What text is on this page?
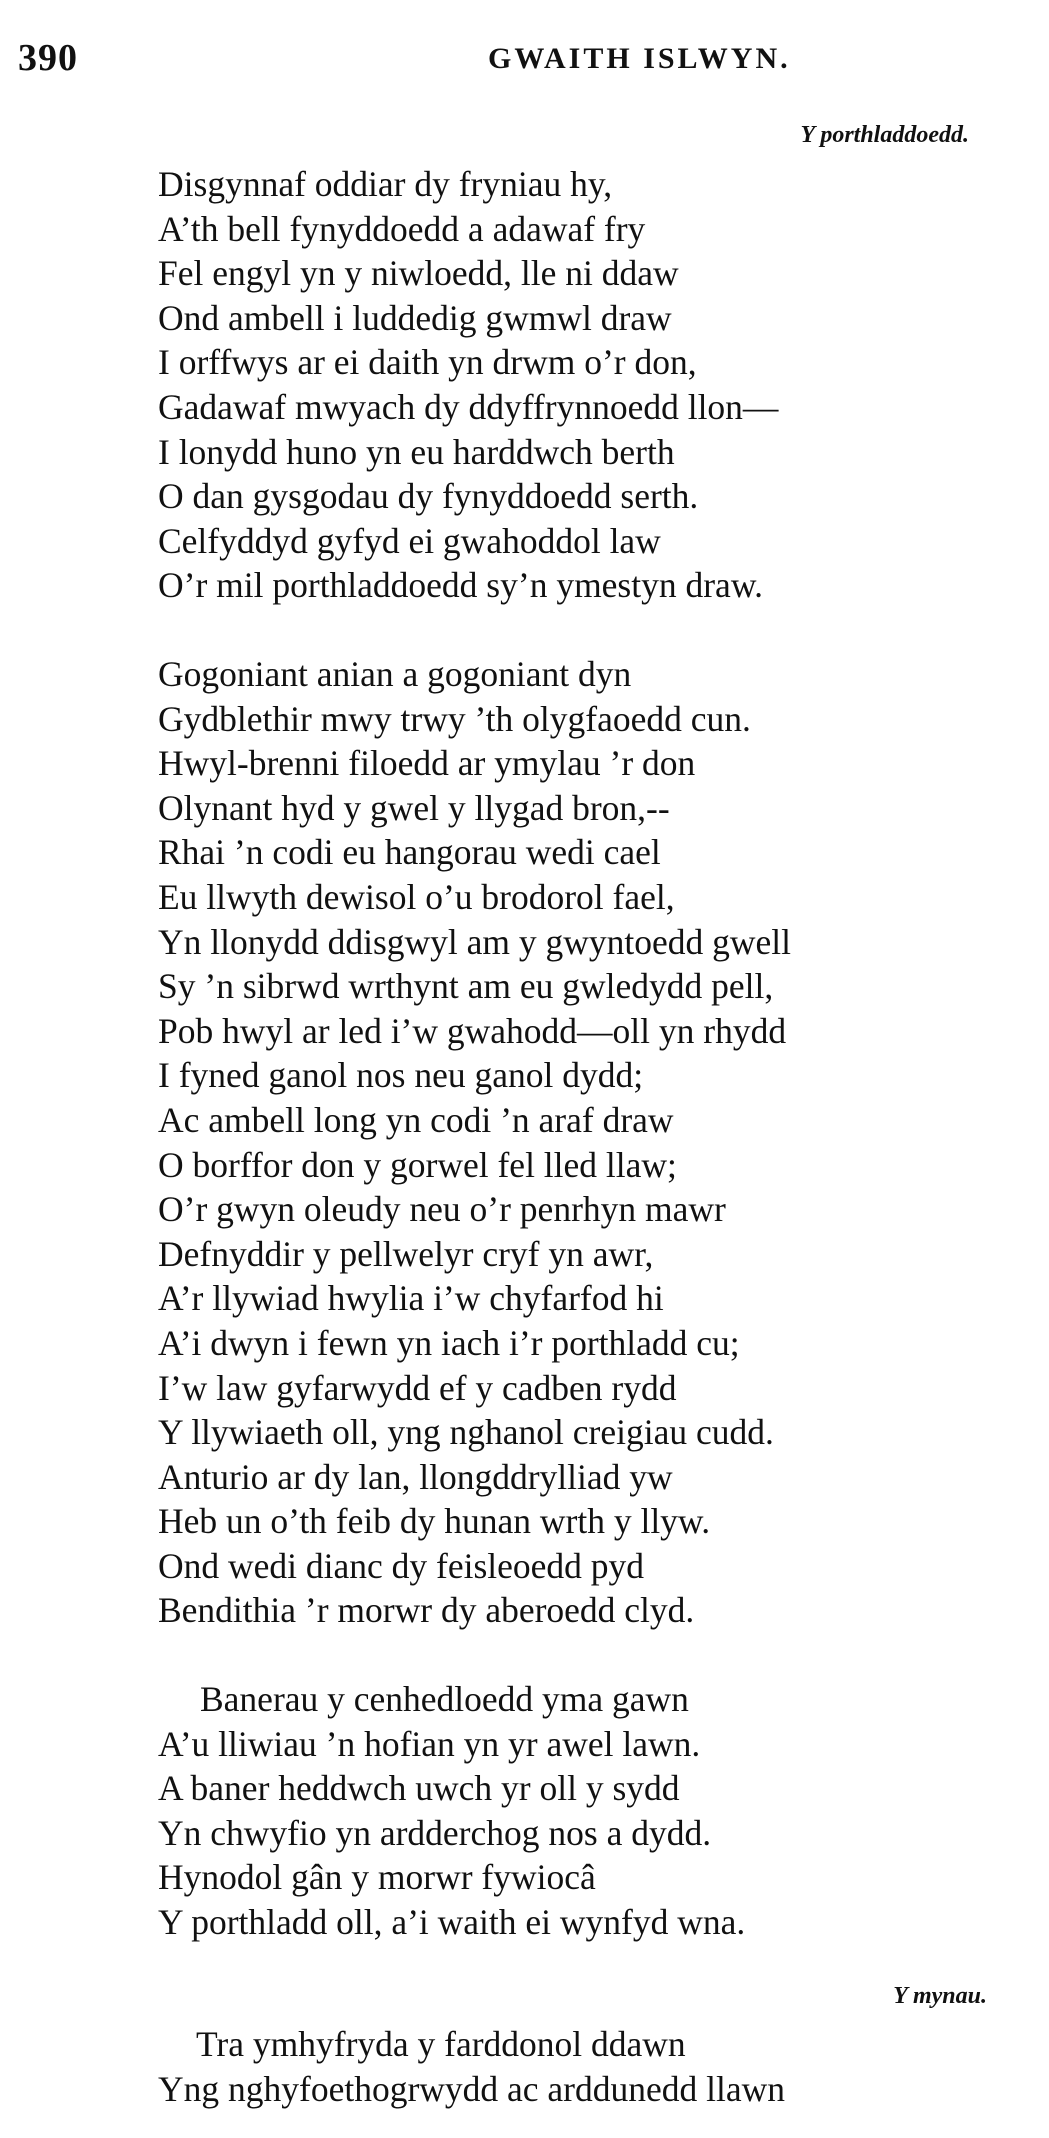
390	GWAITH ISLWYN.
Y porthladdoedd.
Disgynnaf oddiar dy fryniau hy,
A’th bell fynyddoedd a adawaf fry
Fel engyl yn y niwloedd, lle ni ddaw
Ond ambell i luddedig gwmwl draw
I orffwys ar ei daith yn drwm o’r don,
Gadawaf mwyach dy ddyffrynnoedd llon—
I lonydd huno yn eu harddwch berth
O dan gysgodau dy fynyddoedd serth.
Celfyddyd gyfyd ei gwahoddol law
O’r mil porthladdoedd sy’n ymestyn draw.
Gogoniant anian a gogoniant dyn
Gydblethir mwy trwy ’th olygfaoedd cun.
Hwyl-brenni filoedd ar ymylau ’r don
Olynant hyd y gwel y llygad bron,--
Rhai ’n codi eu hangorau wedi cael
Eu llwyth dewisol o’u brodorol fael,
Yn llonydd ddisgwyl am y gwyntoedd gwell
Sy ’n sibrwd wrthynt am eu gwledydd pell,
Pob hwyl ar led i’w gwahodd—oll yn rhydd
I fyned ganol nos neu ganol dydd;
Ac ambell long yn codi ’n araf draw
O borffor don y gorwel fel lled llaw;
O’r gwyn oleudy neu o’r penrhyn mawr
Defnyddir y pellwelyr cryf yn awr,
A’r llywiad hwylia i’w chyfarfod hi
A’i dwyn i fewn yn iach i’r porthladd cu;
I’w law gyfarwydd ef y cadben rydd
Y llywiaeth oll, yng nghanol creigiau cudd.
Anturio ar dy lan, llongddrylliad yw
Heb un o’th feib dy hunan wrth y llyw.
Ond wedi dianc dy feisleoedd pyd
Bendithia ’r morwr dy aberoedd clyd.
Banerau y cenhedloedd yma gawn
A’u lliwiau ’n hofian yn yr awel lawn.
A baner heddwch uwch yr oll y sydd
Yn chwyfio yn ardderchog nos a dydd.
Hynodol gân y morwr fywiocâ
Y porthladd oll, a’i waith ei wynfyd wna.
Y mynau.
Tra ymhyfryda y farddonol ddawn
Yng nghyfoethogrwydd ac arddunedd llawn
